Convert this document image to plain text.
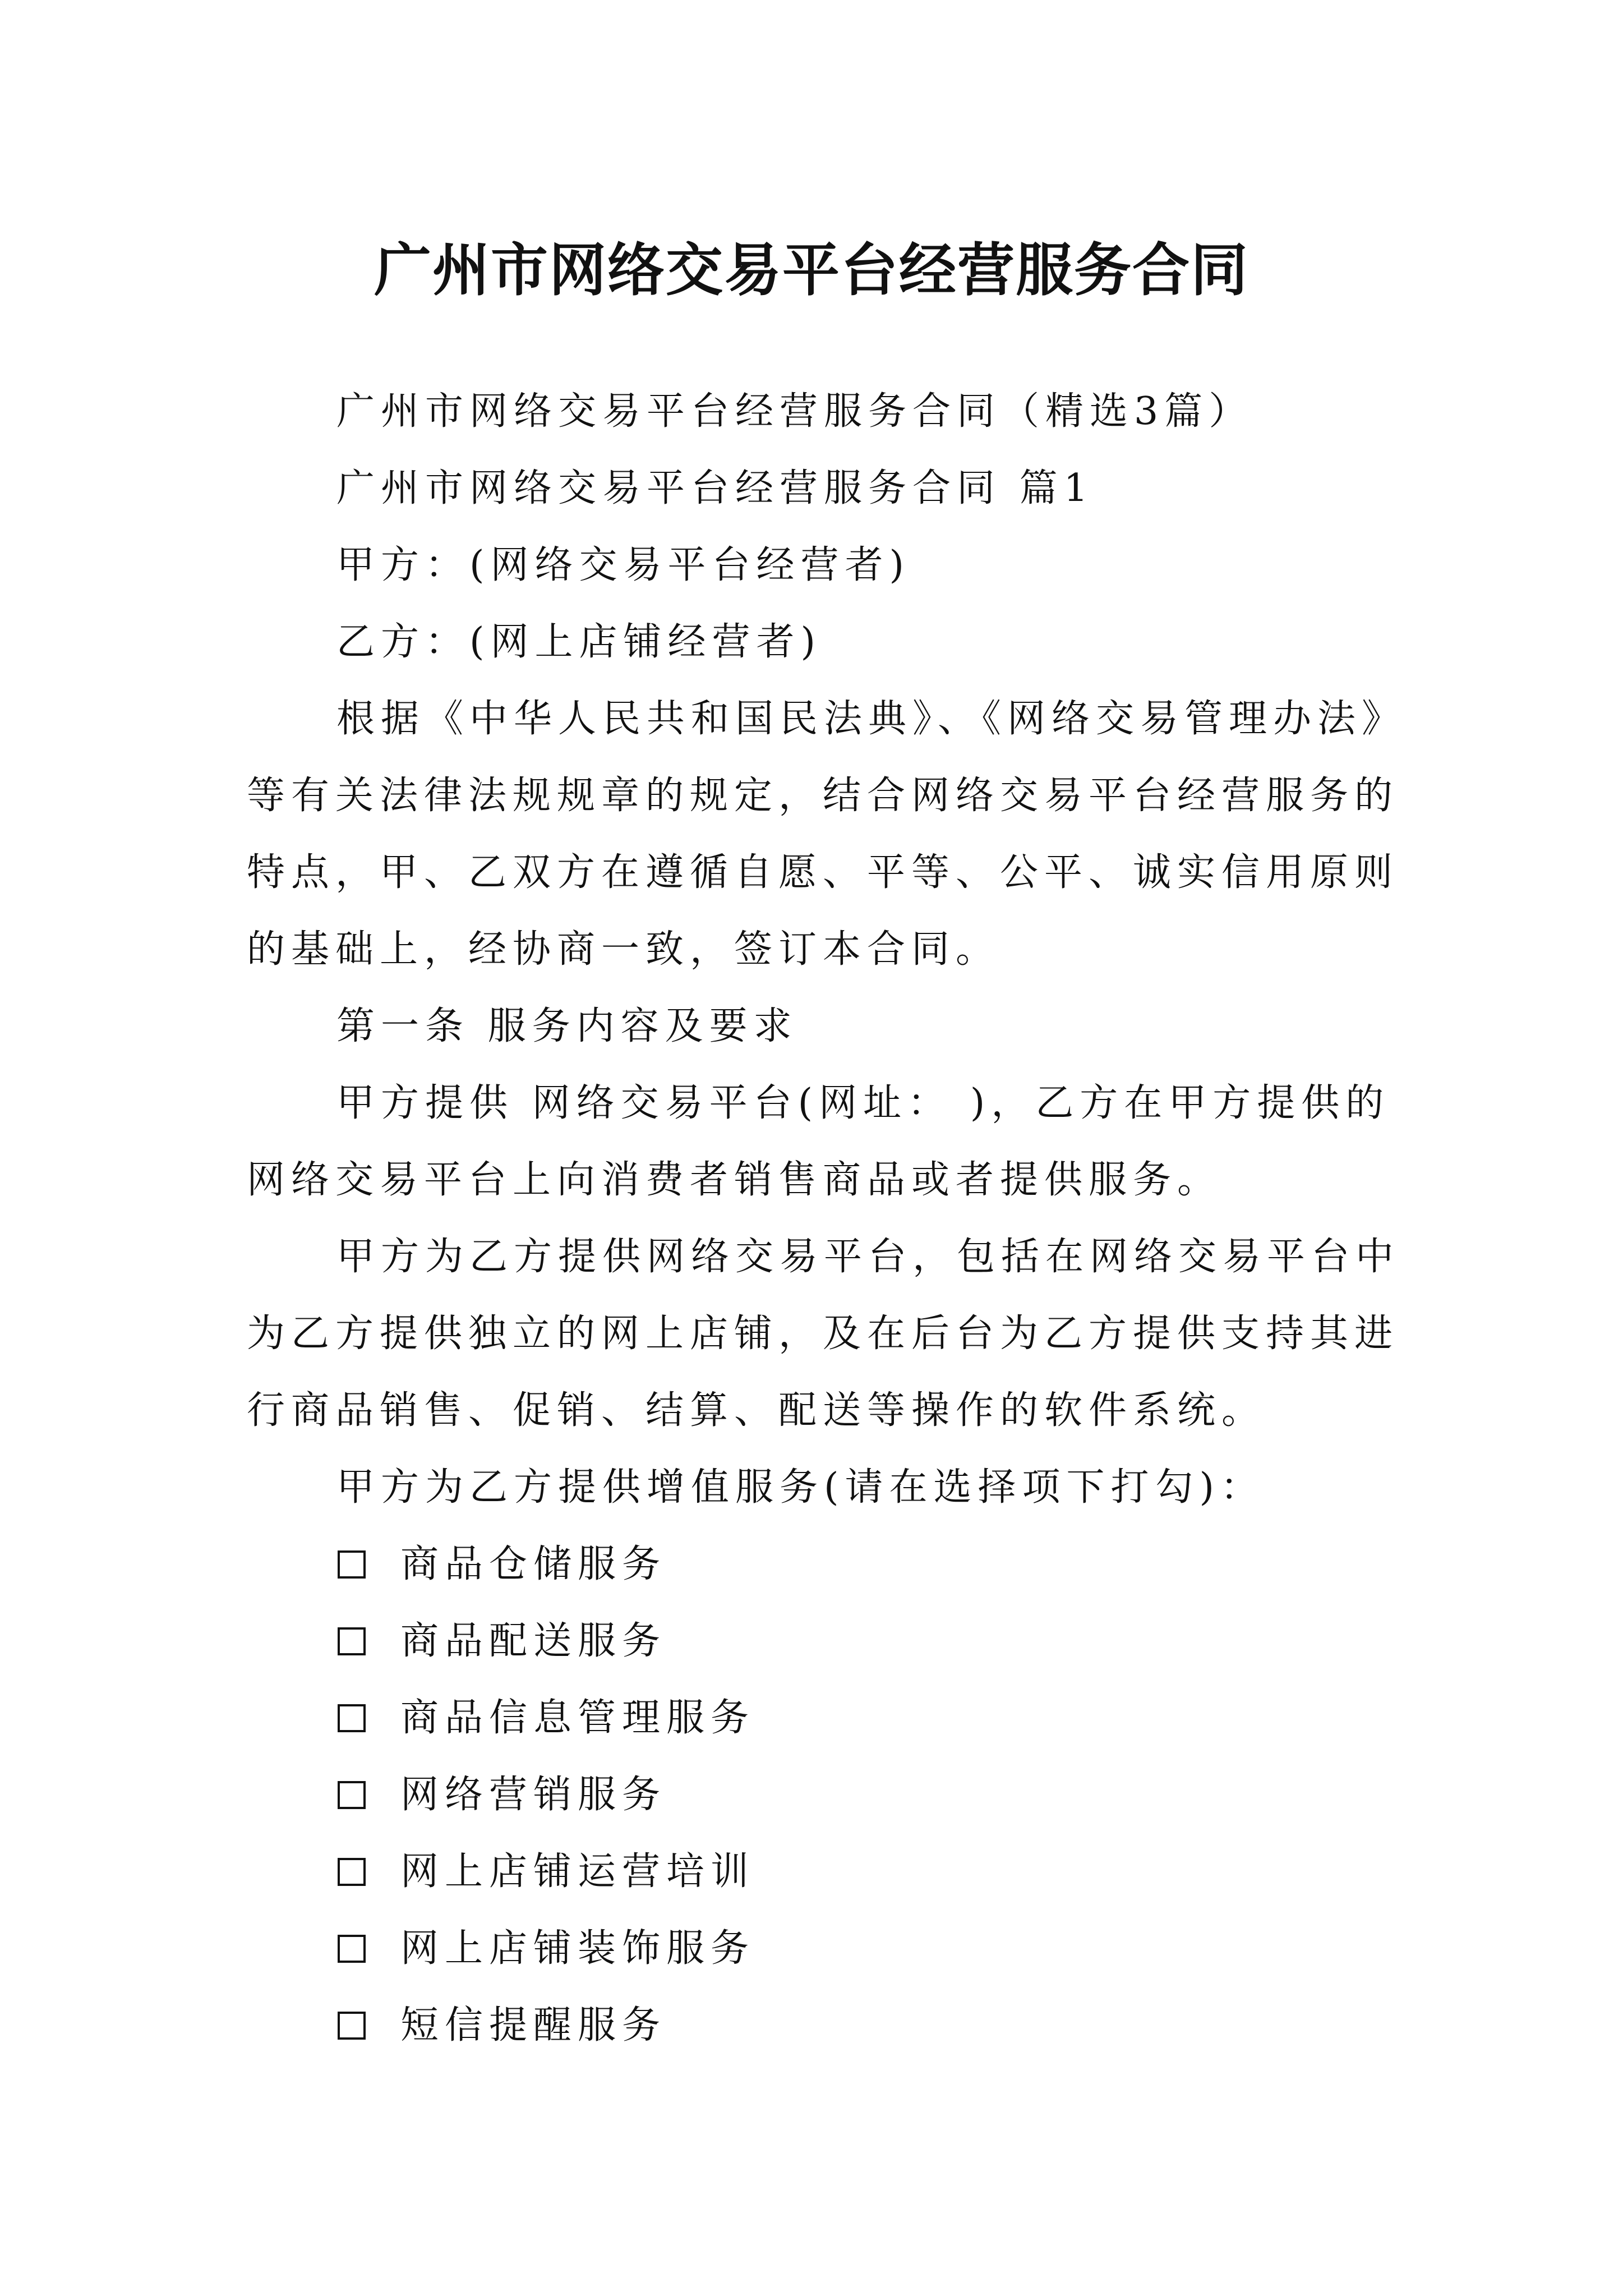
广州市网络交易平台经营服务合同

广州市网络交易平台经营服务合同（精选3篇）

广州市网络交易平台经营服务合同 篇1

甲方：(网络交易平台经营者)

乙方：(网上店铺经营者)

根据《中华人民共和国民法典》、《网络交易管理办法》

等有关法律法规规章的规定，结合网络交易平台经营服务的

特点，甲、乙双方在遵循自愿、平等、公平、诚实信用原则

的基础上，经协商一致，签订本合同。

第一条 服务内容及要求

甲方提供 网络交易平台(网址： )，乙方在甲方提供的

网络交易平台上向消费者销售商品或者提供服务。

甲方为乙方提供网络交易平台，包括在网络交易平台中

为乙方提供独立的网上店铺，及在后台为乙方提供支持其进

行商品销售、促销、结算、配送等操作的软件系统。

甲方为乙方提供增值服务(请在选择项下打勾)：

商品仓储服务
商品配送服务
商品信息管理服务
网络营销服务
网上店铺运营培训
网上店铺装饰服务
短信提醒服务
